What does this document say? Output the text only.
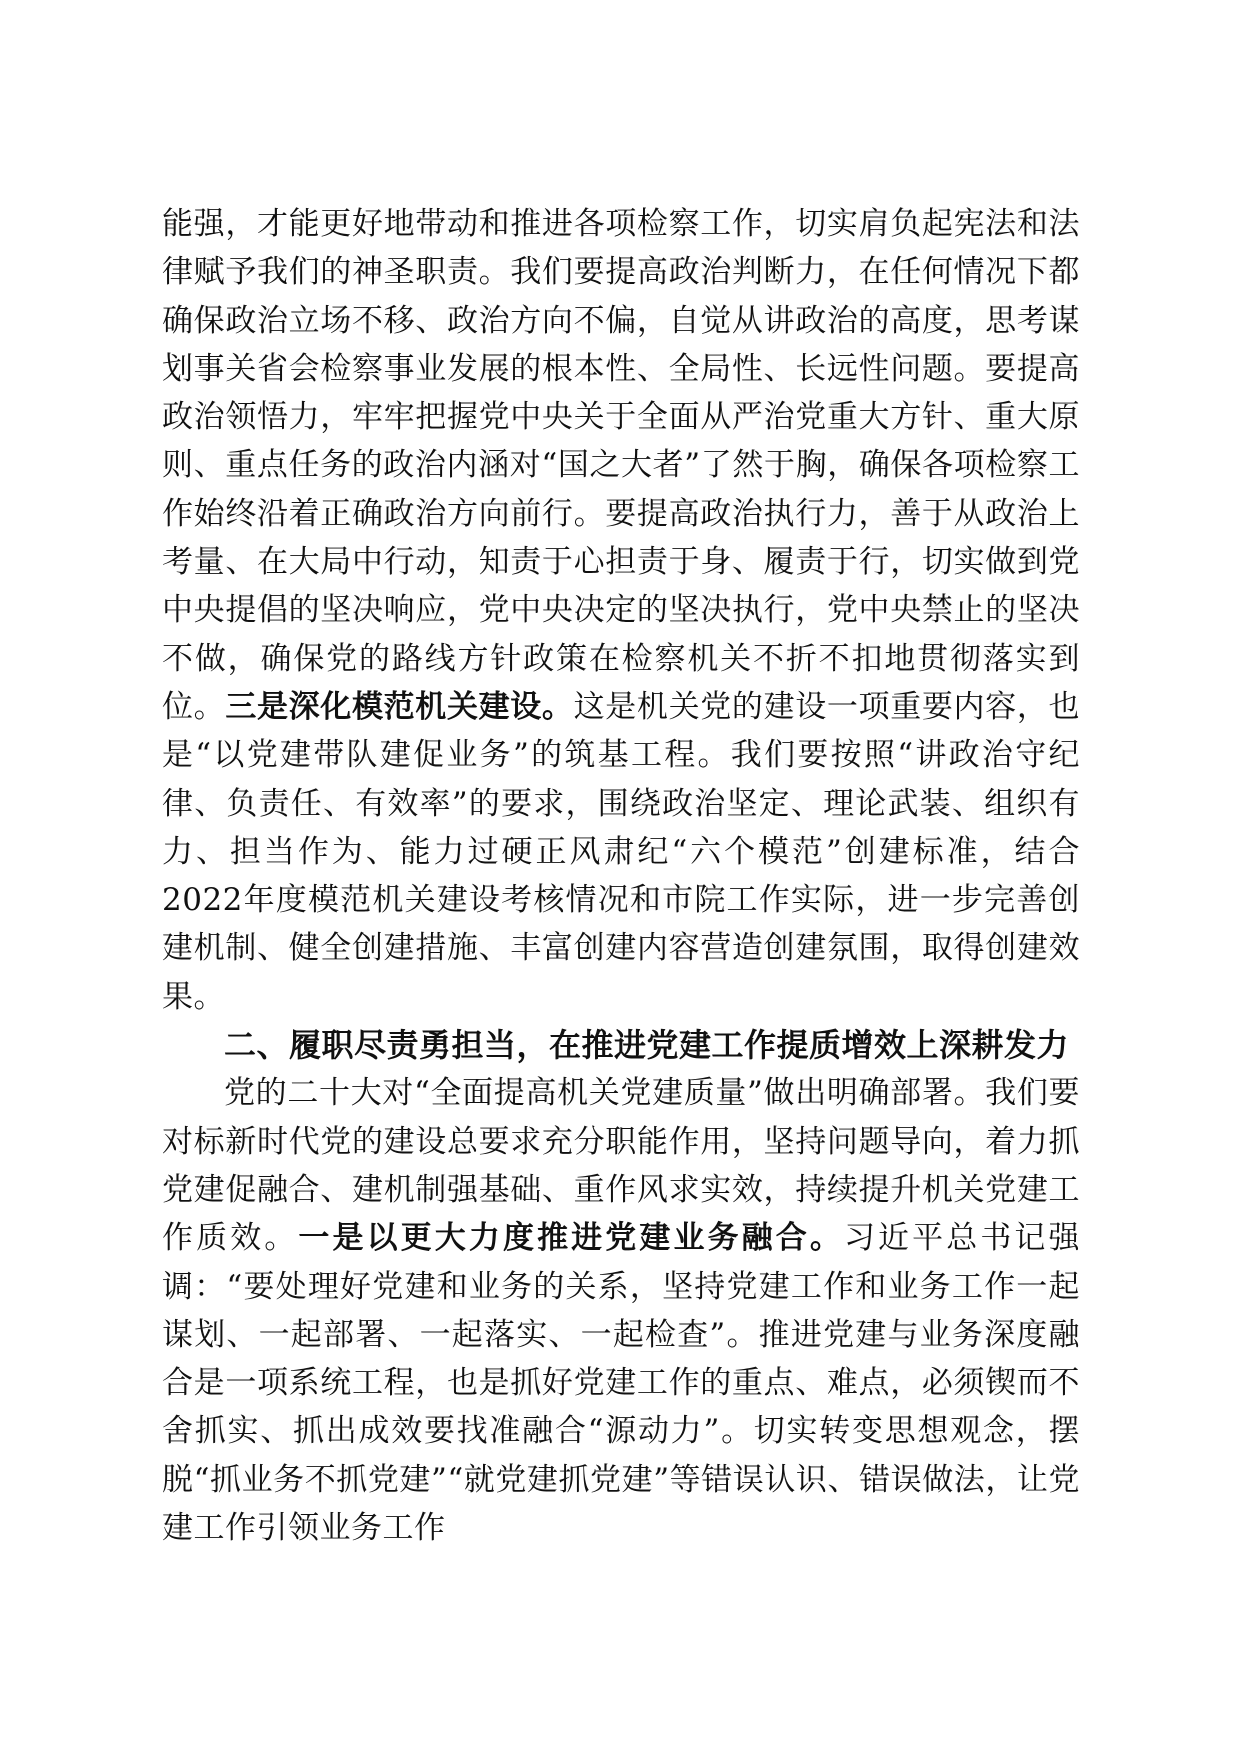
能强，才能更好地带动和推进各项检察工作，切实肩负起宪法和法律赋予我们的神圣职责。我们要提高政治判断力，在任何情况下都确保政治立场不移、政治方向不偏，自觉从讲政治的高度，思考谋划事关省会检察事业发展的根本性、全局性、长远性问题。要提高政治领悟力，牢牢把握党中央关于全面从严治党重大方针、重大原则、重点任务的政治内涵对“国之大者”了然于胸，确保各项检察工作始终沿着正确政治方向前行。要提高政治执行力，善于从政治上考量、在大局中行动，知责于心担责于身、履责于行，切实做到党中央提倡的坚决响应，党中央决定的坚决执行，党中央禁止的坚决不做，确保党的路线方针政策在检察机关不折不扣地贯彻落实到位。三是深化模范机关建设。这是机关党的建设一项重要内容，也是“以党建带队建促业务”的筑基工程。我们要按照“讲政治守纪律、负责任、有效率”的要求，围绕政治坚定、理论武装、组织有力、担当作为、能力过硬正风肃纪“六个模范”创建标准，结合2022年度模范机关建设考核情况和市院工作实际，进一步完善创建机制、健全创建措施、丰富创建内容营造创建氛围，取得创建效果。

二、履职尽责勇担当，在推进党建工作提质增效上深耕发力

党的二十大对“全面提高机关党建质量”做出明确部署。我们要对标新时代党的建设总要求充分职能作用，坚持问题导向，着力抓党建促融合、建机制强基础、重作风求实效，持续提升机关党建工作质效。一是以更大力度推进党建业务融合。习近平总书记强调：“要处理好党建和业务的关系，坚持党建工作和业务工作一起谋划、一起部署、一起落实、一起检查”。推进党建与业务深度融合是一项系统工程，也是抓好党建工作的重点、难点，必须锲而不舍抓实、抓出成效要找准融合“源动力”。切实转变思想观念，摆脱“抓业务不抓党建”“就党建抓党建”等错误认识、错误做法，让党建工作引领业务工作
